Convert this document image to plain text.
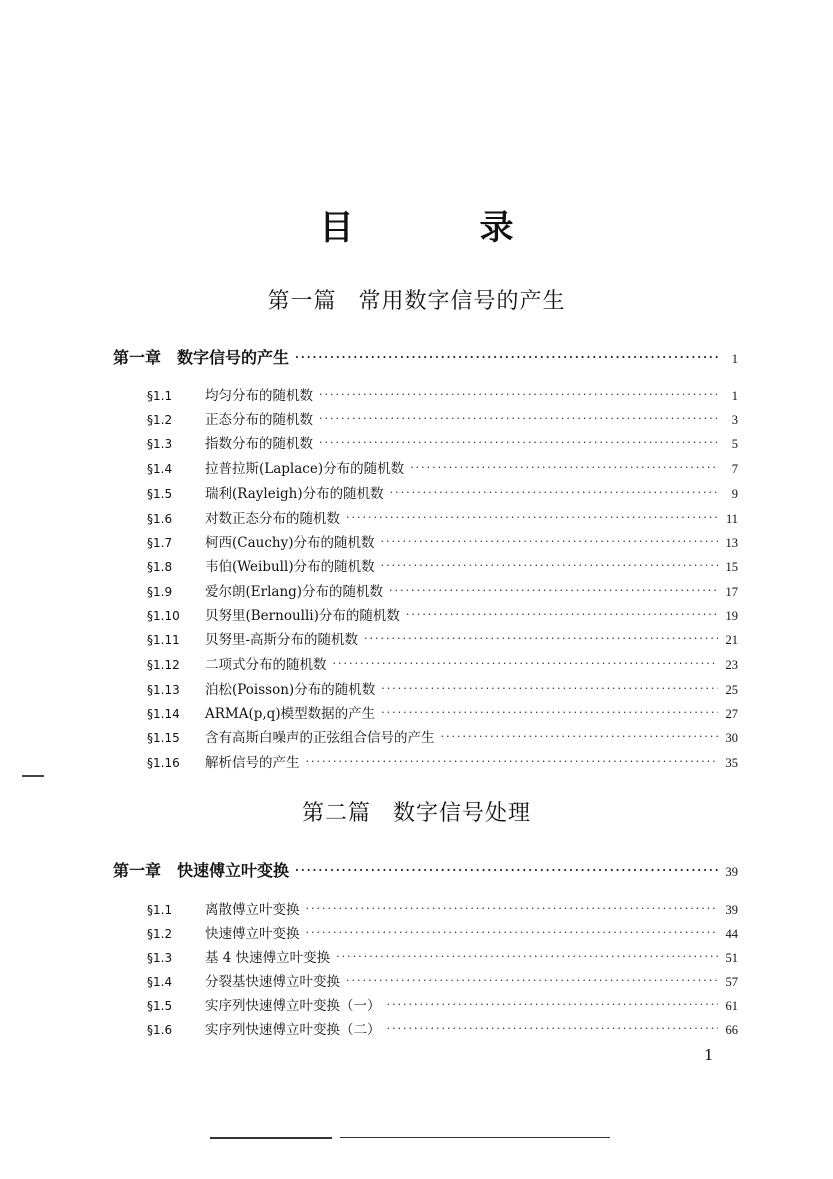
目　录
第一篇 常用数字信号的产生
第一章 数字信号的产生 .....	1
§1.1	均匀分布的随机数 .....	1
§1.2	正态分布的随机数 .....	3
§1.3	指数分布的随机数 .....	5
§1.4	拉普拉斯(Laplace)分布的随机数 .....	7
§1.5	瑞利(Rayleigh)分布的随机数 .....	9
§1.6	对数正态分布的随机数 .....	11
§1.7	柯西(Cauchy)分布的随机数 .....	13
§1.8	韦伯(Weibull)分布的随机数 .....	15
§1.9	爱尔朗(Erlang)分布的随机数 .....	17
§1.10	贝努里(Bernoulli)分布的随机数 .....	19
§1.11	贝努里-高斯分布的随机数 .....	21
§1.12	二项式分布的随机数 .....	23
§1.13	泊松(Poisson)分布的随机数 .....	25
§1.14	ARMA(p,q)模型数据的产生 .....	27
§1.15	含有高斯白噪声的正弦组合信号的产生 .....	30
§1.16	解析信号的产生 .....	35
第二篇 数字信号处理
第一章 快速傅立叶变换 .....	39
§1.1	离散傅立叶变换 .....	39
§1.2	快速傅立叶变换 .....	44
§1.3	基 4 快速傅立叶变换 .....	51
§1.4	分裂基快速傅立叶变换 .....	57
§1.5	实序列快速傅立叶变换（一） .....	61
§1.6	实序列快速傅立叶变换（二） .....	66
1
